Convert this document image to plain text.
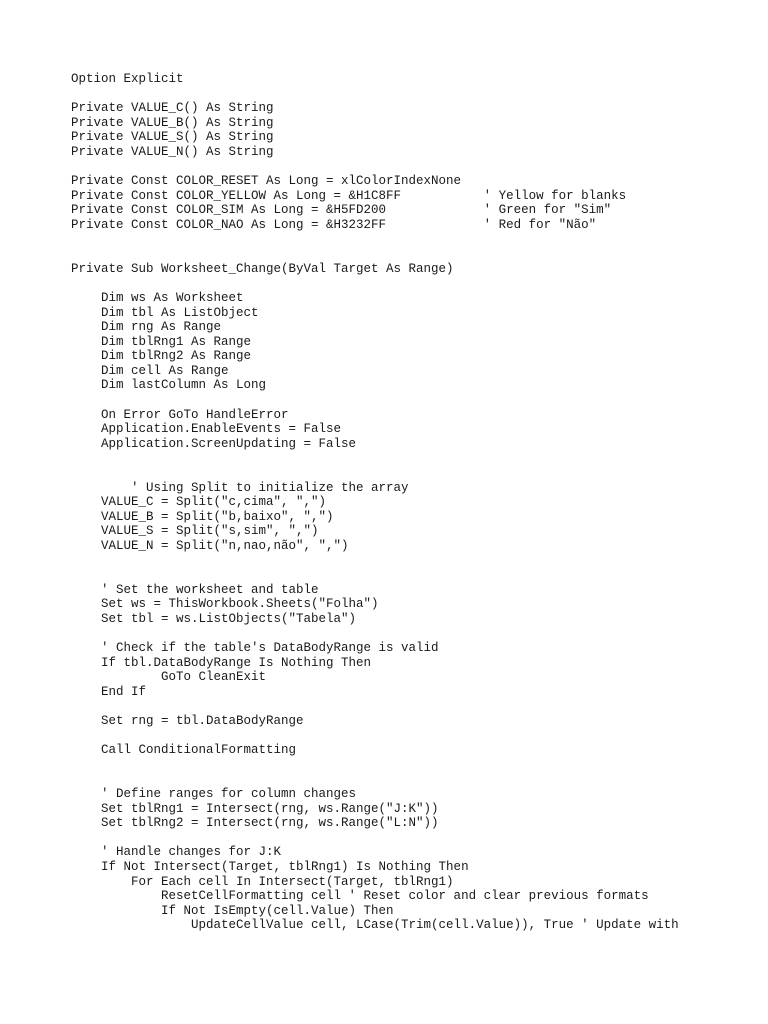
Option Explicit
Private VALUE_C() As String
Private VALUE_B() As String
Private VALUE_S() As String
Private VALUE_N() As String
Private Const COLOR_RESET As Long = xlColorIndexNone
Private Const COLOR_YELLOW As Long = &H1C8FF           ' Yellow for blanks
Private Const COLOR_SIM As Long = &H5FD200             ' Green for "Sim"
Private Const COLOR_NAO As Long = &H3232FF             ' Red for "Não"
Private Sub Worksheet_Change(ByVal Target As Range)
Dim ws As Worksheet
Dim tbl As ListObject
Dim rng As Range
Dim tblRng1 As Range
Dim tblRng2 As Range
Dim cell As Range
Dim lastColumn As Long
On Error GoTo HandleError
Application.EnableEvents = False
Application.ScreenUpdating = False
' Using Split to initialize the array
VALUE_C = Split("c,cima", ",")
VALUE_B = Split("b,baixo", ",")
VALUE_S = Split("s,sim", ",")
VALUE_N = Split("n,nao,não", ",")
' Set the worksheet and table
Set ws = ThisWorkbook.Sheets("Folha")
Set tbl = ws.ListObjects("Tabela")
' Check if the table's DataBodyRange is valid
If tbl.DataBodyRange Is Nothing Then
GoTo CleanExit
End If
Set rng = tbl.DataBodyRange
Call ConditionalFormatting
' Define ranges for column changes
Set tblRng1 = Intersect(rng, ws.Range("J:K"))
Set tblRng2 = Intersect(rng, ws.Range("L:N"))
' Handle changes for J:K
If Not Intersect(Target, tblRng1) Is Nothing Then
For Each cell In Intersect(Target, tblRng1)
ResetCellFormatting cell ' Reset color and clear previous formats
If Not IsEmpty(cell.Value) Then
UpdateCellValue cell, LCase(Trim(cell.Value)), True ' Update with
